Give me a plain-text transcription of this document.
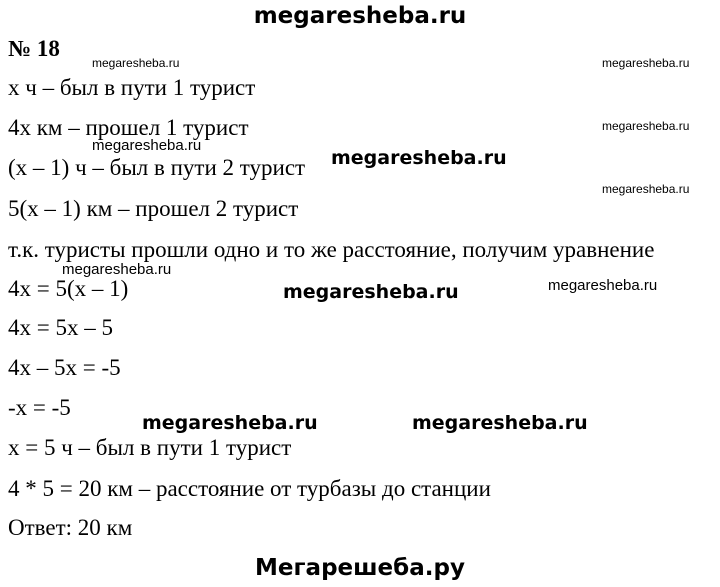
megaresheba.ru
№ 18
megaresheba.ru	megaresheba.ru
megaresheba.ru
megaresheba.ru
megaresheba.ru
megaresheba.ru
megaresheba.ru
megaresheba.ru
megaresheba.ru
megaresheba.ru	megaresheba.ru
х ч – был в пути 1 турист
4х км – прошел 1 турист
(х – 1) ч – был в пути 2 турист
5(х – 1) км – прошел 2 турист
т.к. туристы прошли одно и то же расстояние, получим уравнение
4х = 5(х – 1)
4х = 5х – 5
4х – 5х = -5
-х = -5
х = 5 ч – был в пути 1 турист
4 * 5 = 20 км – расстояние от турбазы до станции
Ответ: 20 км
Мегарешеба.ру
